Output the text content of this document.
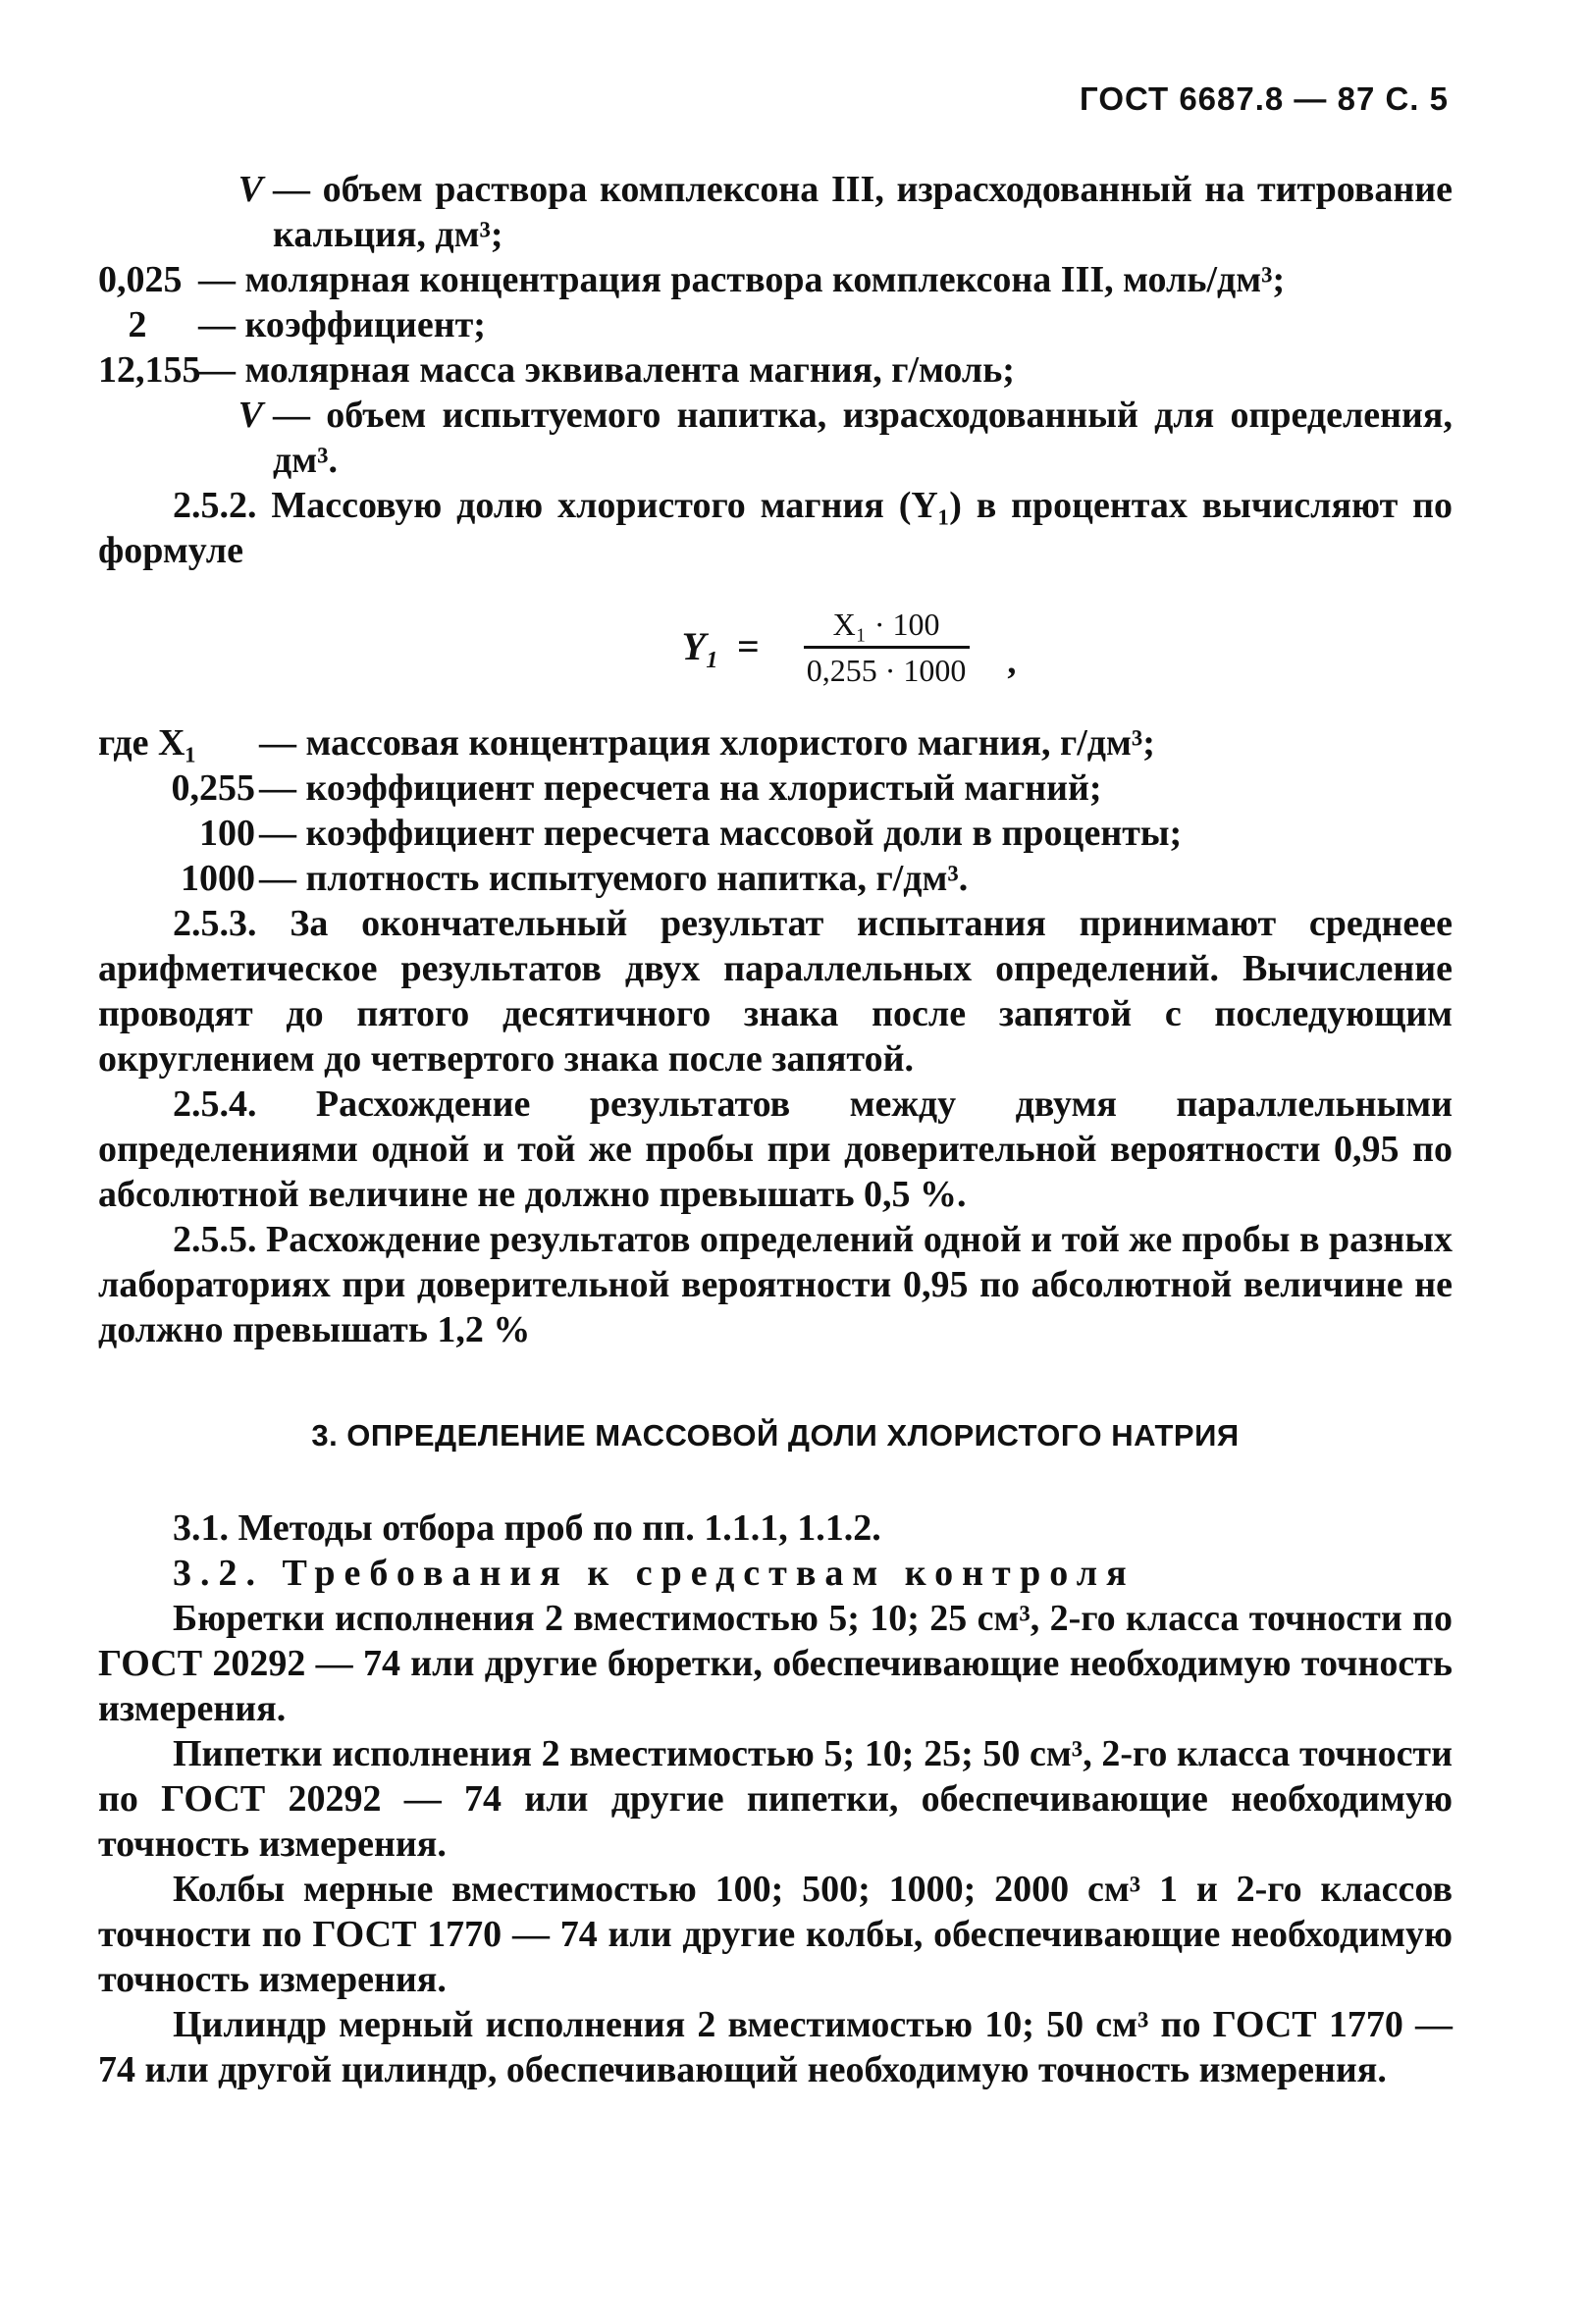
ГОСТ 6687.8 — 87 С. 5
V — объем раствора комплексона III, израсходованный на титрование кальция, дм³;
0,025 — молярная концентрация раствора комплексона III, моль/дм³;
2	— коэффициент;
12,155
— молярная масса эквивалента магния, г/моль;
V — объем испытуемого напитка, израсходованный для определения, дм³.

2.5.2. Массовую долю хлористого магния (Y₁) в процентах вычисляют по формуле

$Y_1 = \frac{\text{X₁ · 100}}{0,255 \cdot 1000}$ ,
где X₁	— массовая концентрация хлористого магния, г/дм³;
0,255 — коэффициент пересчета на хлористый магний;
100 — коэффициент пересчета массовой доли в проценты;
1000 — плотность испытуемого напитка, г/дм³.

2.5.3. За окончательный результат испытания принимают среднеее арифметическое результатов двух параллельных определений. Вычисление проводят до пятого десятичного знака после запятой с последующим округлением до четвертого знака после запятой.

2.5.4. Расхождение результатов между двумя параллельными определениями одной и той же пробы при доверительной вероятности 0,95 по абсолютной величине не должно превышать 0,5 %.

2.5.5. Расхождение результатов определений одной и той же пробы в разных лабораториях при доверительной вероятности 0,95 по абсолютной величине не должно превышать 1,2 %

3. ОПРЕДЕЛЕНИЕ МАССОВОЙ ДОЛИ ХЛОРИСТОГО НАТРИЯ

3.1. Методы отбора проб по пп. 1.1.1, 1.1.2.

3.2. Требования к средствам контроля

Бюретки исполнения 2 вместимостью 5; 10; 25 см³, 2-го класса точности по ГОСТ 20292 — 74 или другие бюретки, обеспечивающие необходимую точность измерения.

Пипетки исполнения 2 вместимостью 5; 10; 25; 50 см³, 2-го класса точности по ГОСТ 20292 — 74 или другие пипетки, обеспечивающие необходимую точность измерения.

Колбы мерные вместимостью 100; 500; 1000; 2000 см³ 1 и 2-го классов точности по ГОСТ 1770 — 74 или другие колбы, обеспечивающие необходимую точность измерения.

Цилиндр мерный исполнения 2 вместимостью 10; 50 см³ по ГОСТ 1770 — 74 или другой цилиндр, обеспечивающий необходимую точность измерения.
